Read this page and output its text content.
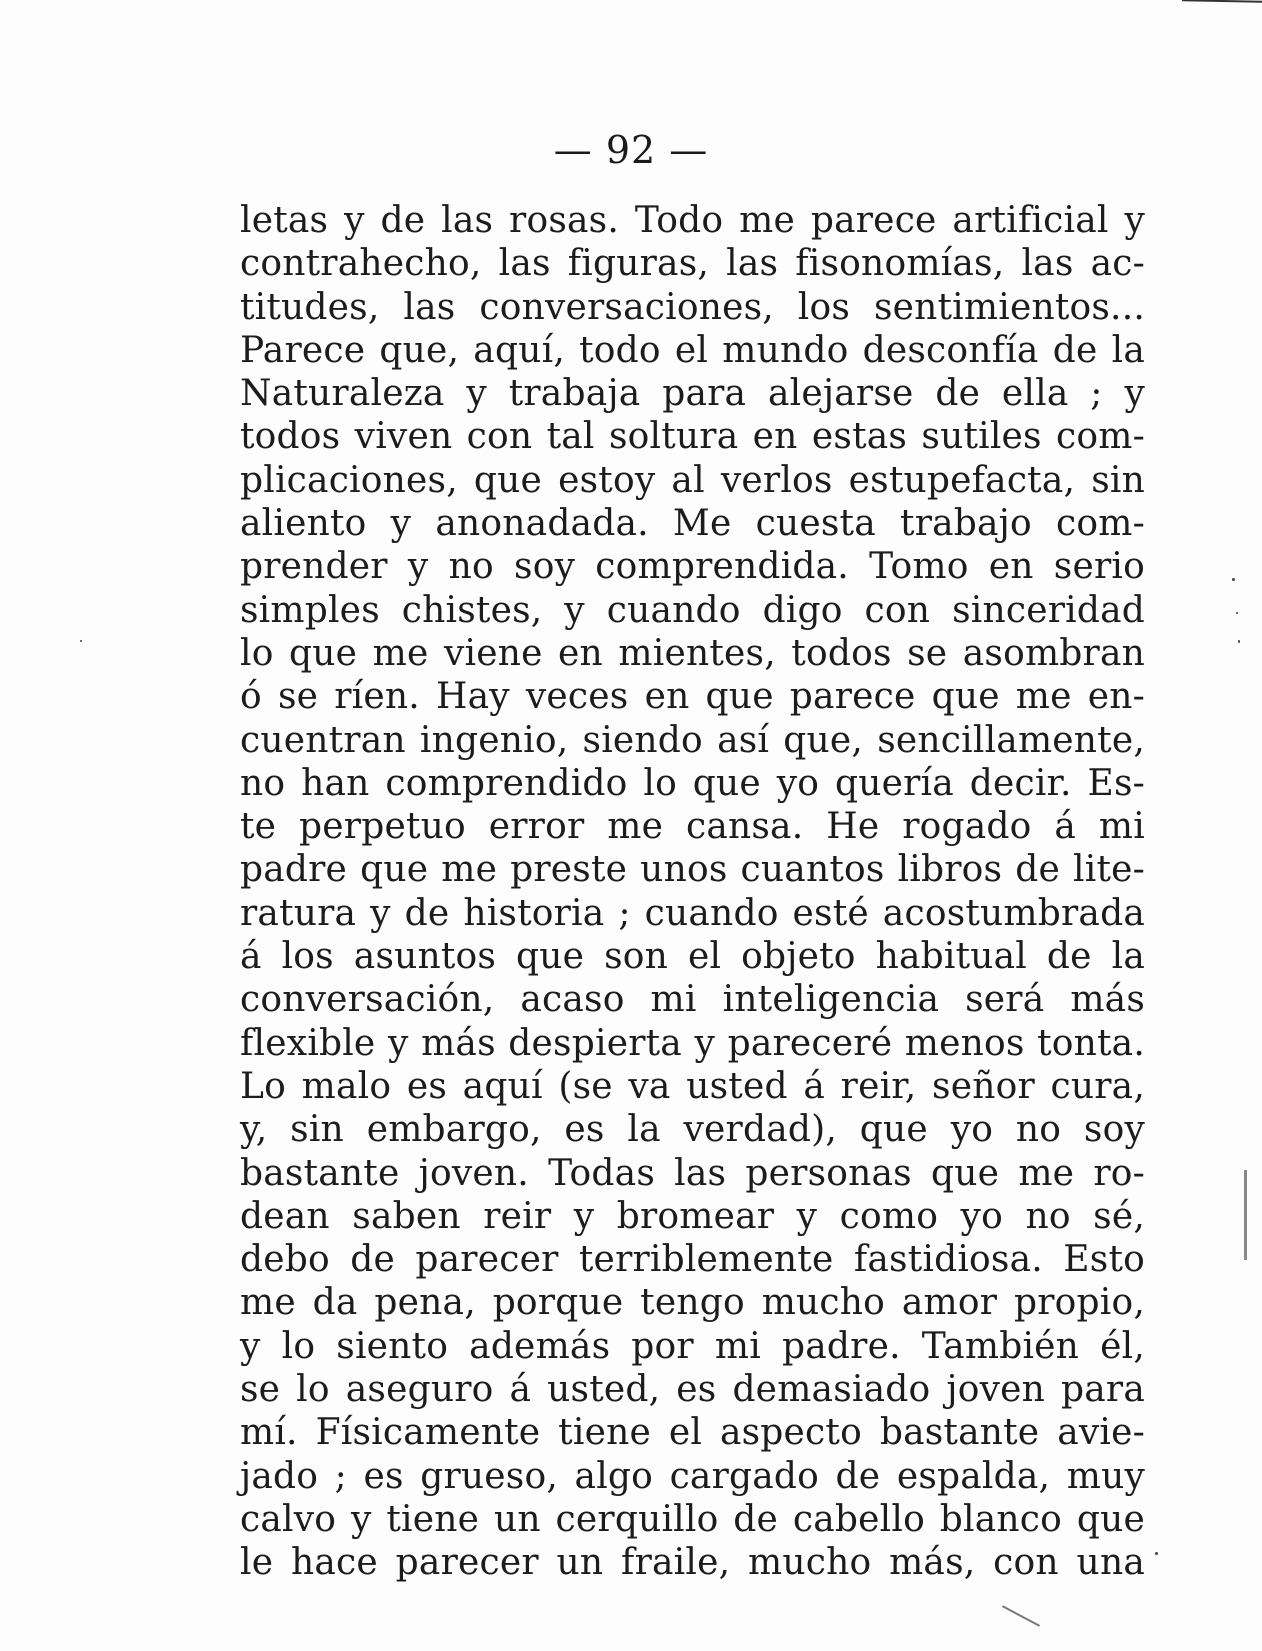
— 92 —
letas y de las rosas. Todo me parece artificial y
contrahecho, las figuras, las fisonomías, las ac-
titudes, las conversaciones, los sentimientos...
Parece que, aquí, todo el mundo desconfía de la
Naturaleza y trabaja para alejarse de ella ; y
todos viven con tal soltura en estas sutiles com-
plicaciones, que estoy al verlos estupefacta, sin
aliento y anonadada. Me cuesta trabajo com-
prender y no soy comprendida. Tomo en serio
simples chistes, y cuando digo con sinceridad
lo que me viene en mientes, todos se asombran
ó se ríen. Hay veces en que parece que me en-
cuentran ingenio, siendo así que, sencillamente,
no han comprendido lo que yo quería decir. Es-
te perpetuo error me cansa. He rogado á mi
padre que me preste unos cuantos libros de lite-
ratura y de historia ; cuando esté acostumbrada
á los asuntos que son el objeto habitual de la
conversación, acaso mi inteligencia será más
flexible y más despierta y pareceré menos tonta.
Lo malo es aquí (se va usted á reir, señor cura,
y, sin embargo, es la verdad), que yo no soy
bastante joven. Todas las personas que me ro-
dean saben reir y bromear y como yo no sé,
debo de parecer terriblemente fastidiosa. Esto
me da pena, porque tengo mucho amor propio,
y lo siento además por mi padre. También él,
se lo aseguro á usted, es demasiado joven para
mí. Físicamente tiene el aspecto bastante avie-
jado ; es grueso, algo cargado de espalda, muy
calvo y tiene un cerquillo de cabello blanco que
le hace parecer un fraile, mucho más, con una
